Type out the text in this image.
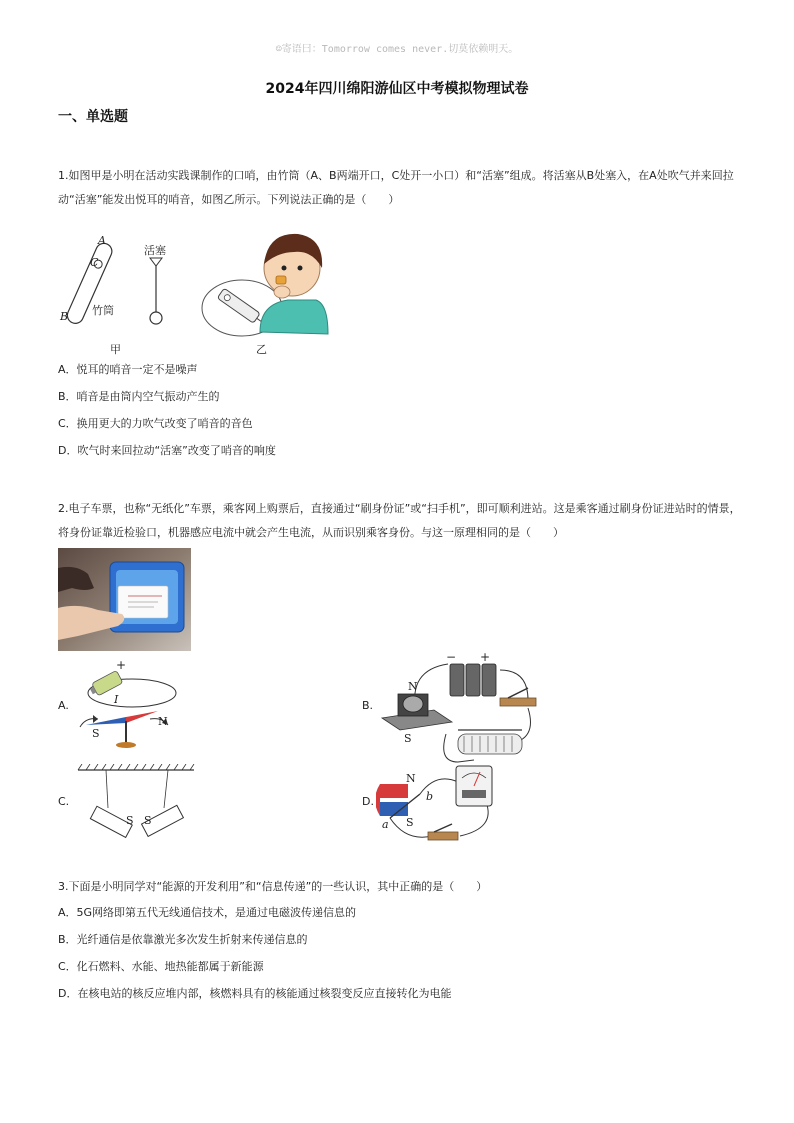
☺寄语曰：Tomorrow comes never.切莫依赖明天。
2024年四川绵阳游仙区中考模拟物理试卷
一、单选题
1.如图甲是小明在活动实践课制作的口哨，由竹筒（A、B两端开口，C处开一小口）和“活塞”组成。将活塞从B处塞入，在A处吹气并来回拉动“活塞”能发出悦耳的哨音，如图乙所示。下列说法正确的是（　　）
A
C
B 竹筒
活塞
甲	乙
A．悦耳的哨音一定不是噪声
B．哨音是由筒内空气振动产生的
C．换用更大的力吹气改变了哨音的音色
D．吹气时来回拉动“活塞”改变了哨音的响度
2.电子车票，也称“无纸化”车票，乘客网上购票后，直接通过“刷身份证”或“扫手机”，即可顺利进站。这是乘客通过刷身份证进站时的情景，将身份证靠近检验口，机器感应电流中就会产生电流，从而识别乘客身份。与这一原理相同的是（　　）
A.
+
I
S
N
B.
− +
N
S
C.
S S
D.
N
S
a
b
3.下面是小明同学对“能源的开发利用”和“信息传递”的一些认识，其中正确的是（　　）
A．5G网络即第五代无线通信技术，是通过电磁波传递信息的
B．光纤通信是依靠激光多次发生折射来传递信息的
C．化石燃料、水能、地热能都属于新能源
D．在核电站的核反应堆内部，核燃料具有的核能通过核裂变反应直接转化为电能
